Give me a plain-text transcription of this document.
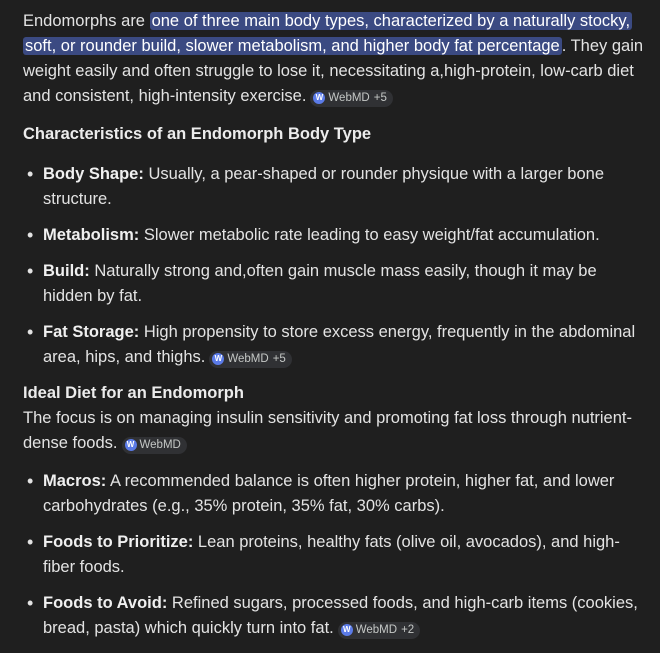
Endomorphs are one of three main body types, characterized by a naturally stocky, soft, or rounder build, slower metabolism, and higher body fat percentage . They gain weight easily and often struggle to lose it, necessitating a,high-protein, low-carb diet and consistent, high-intensity exercise. W WebMD +5

Characteristics of an Endomorph Body Type
• Body Shape: Usually, a pear-shaped or rounder physique with a larger bone structure.
• Metabolism: Slower metabolic rate leading to easy weight/fat accumulation.
• Build: Naturally strong and,often gain muscle mass easily, though it may be hidden by fat.
• Fat Storage: High propensity to store excess energy, frequently in the abdominal area, hips, and thighs. W WebMD +5
Ideal Diet for an Endomorph

The focus is on managing insulin sensitivity and promoting fat loss through nutrient-dense foods. W WebMD

• Macros: A recommended balance is often higher protein, higher fat, and lower carbohydrates (e.g., 35% protein, 35% fat, 30% carbs).
• Foods to Prioritize: Lean proteins, healthy fats (olive oil, avocados), and high-fiber foods.
• Foods to Avoid: Refined sugars, processed foods, and high-carb items (cookies, bread, pasta) which quickly turn into fat. W WebMD +2
